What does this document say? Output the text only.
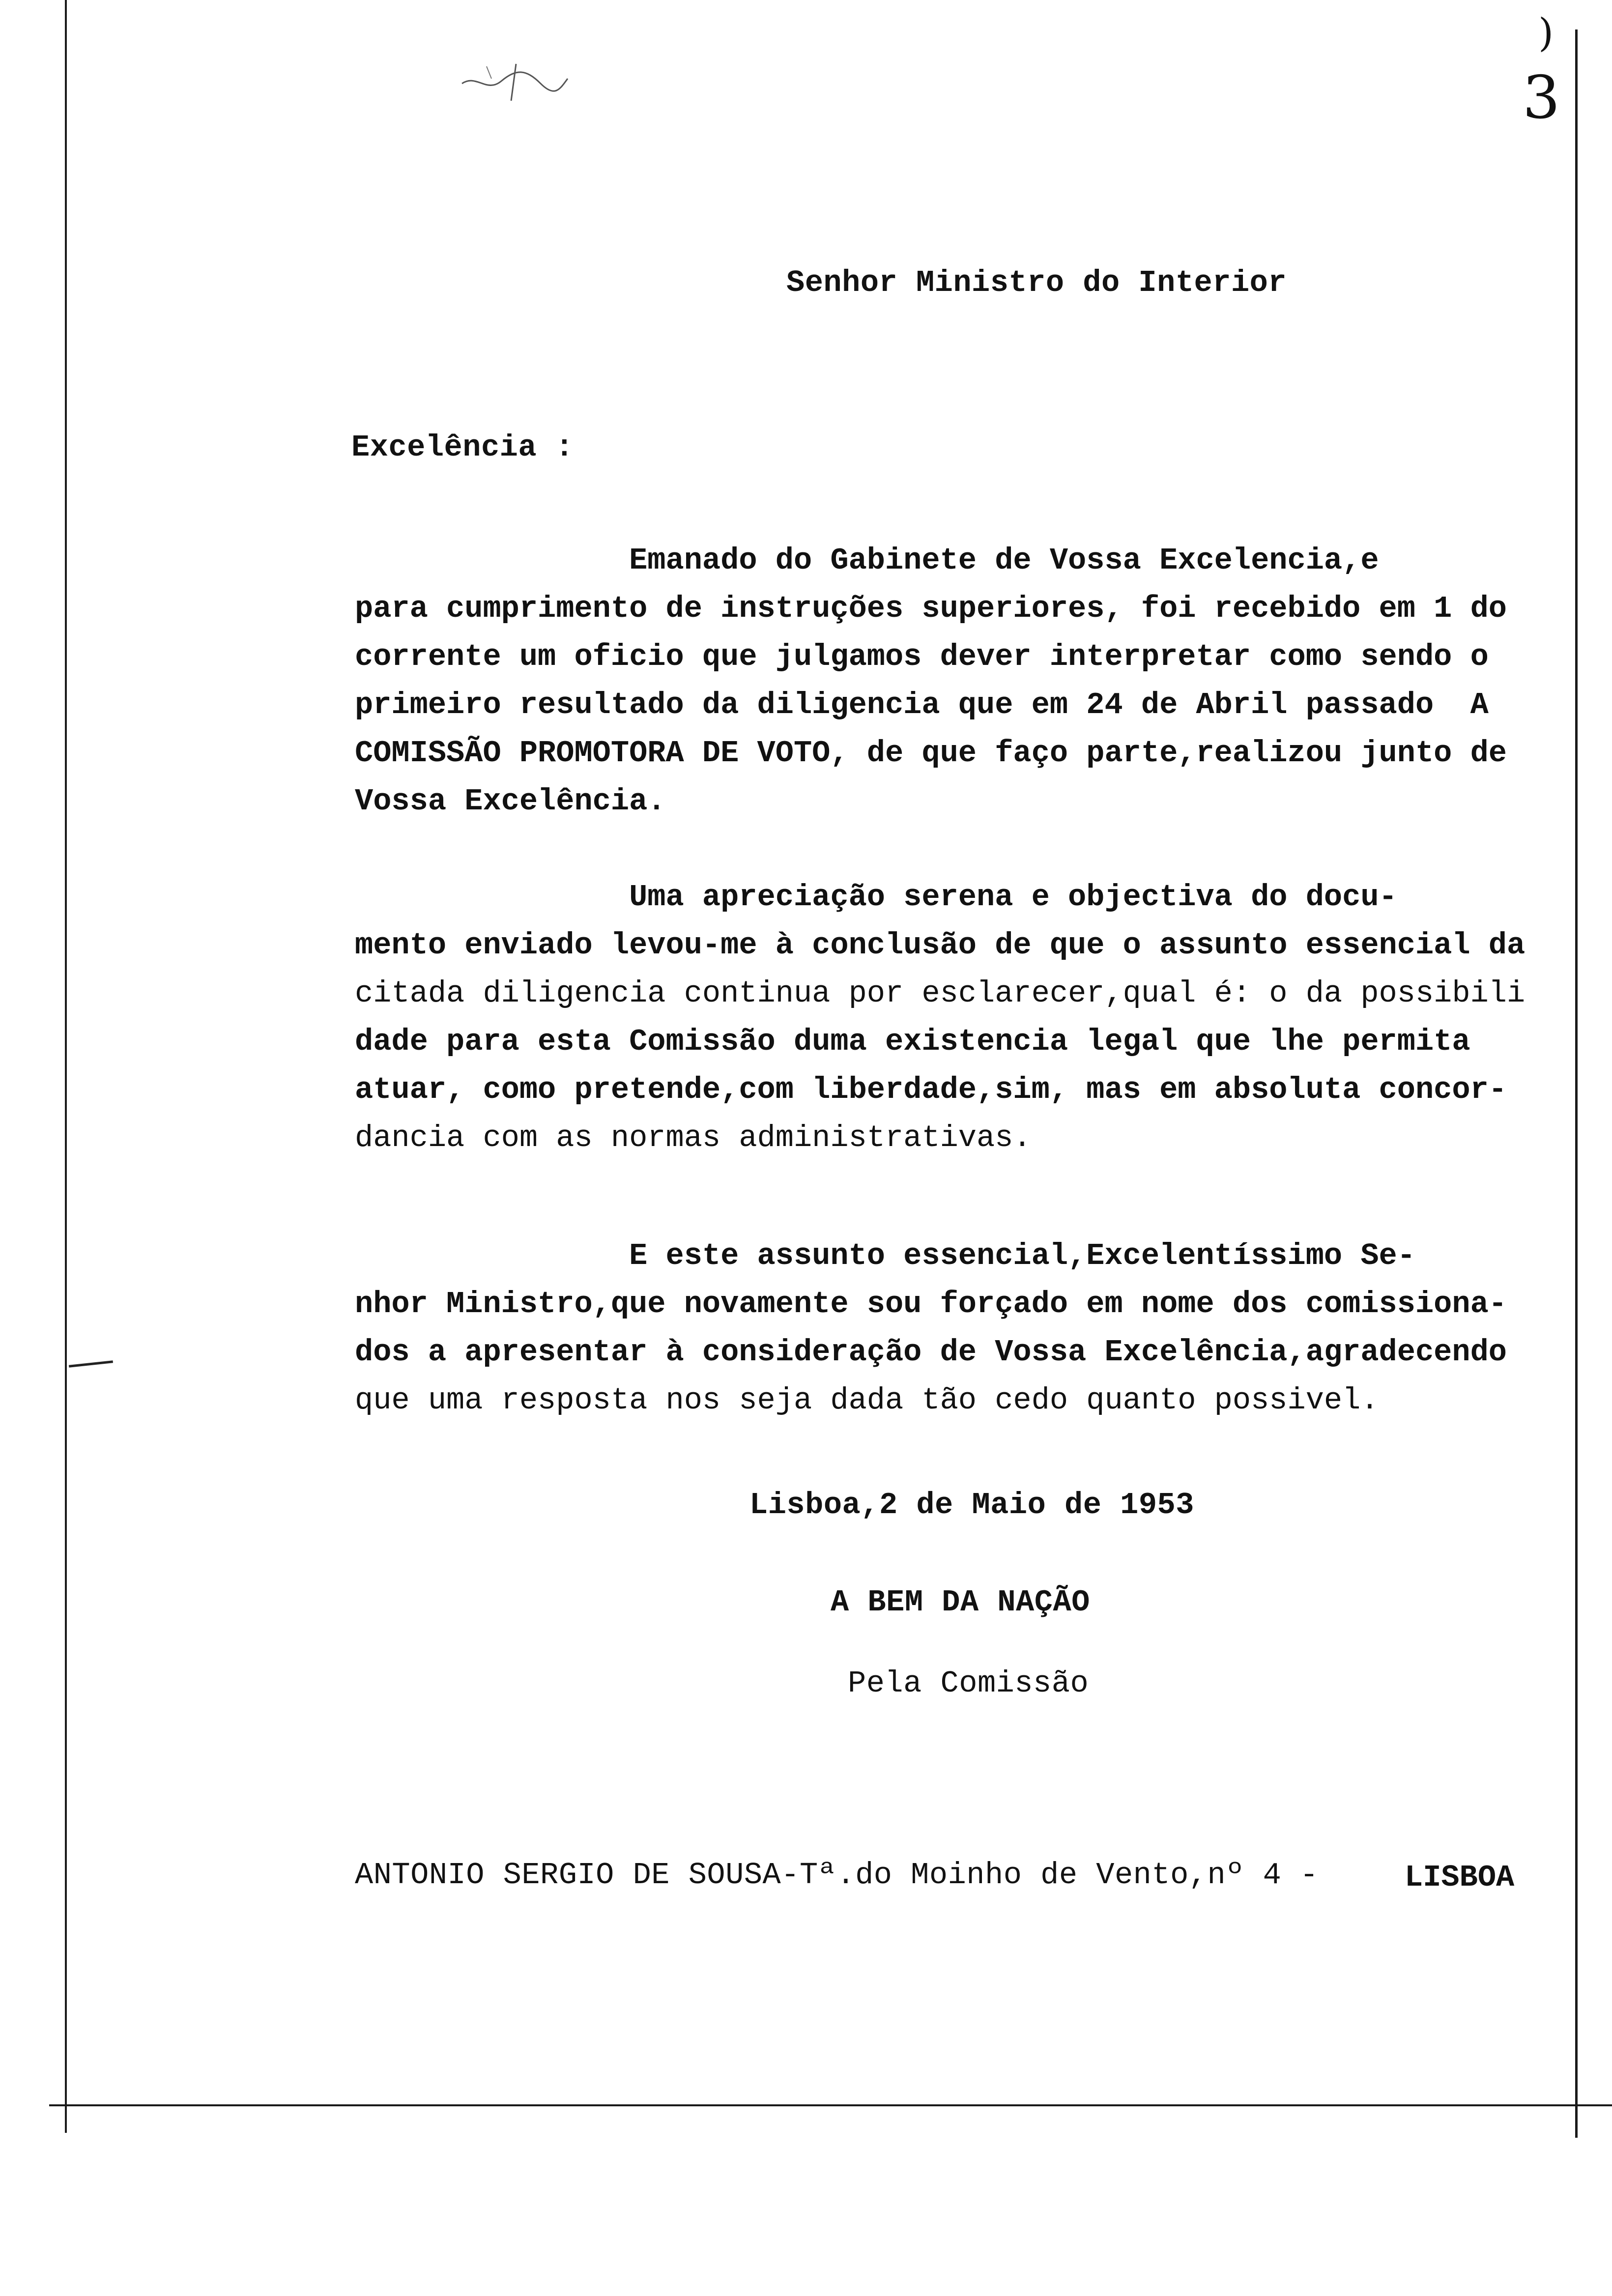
)
3
Senhor Ministro do Interior
Excelência :
Emanado do Gabinete de Vossa Excelencia,e
para cumprimento de instruções superiores, foi recebido em 1 do
corrente um oficio que julgamos dever interpretar como sendo o
primeiro resultado da diligencia que em 24 de Abril passado  A
COMISSÃO PROMOTORA DE VOTO, de que faço parte,realizou junto de
Vossa Excelência.
Uma apreciação serena e objectiva do docu-
mento enviado levou-me à conclusão de que o assunto essencial da
citada diligencia continua por esclarecer,qual é: o da possibili
dade para esta Comissão duma existencia legal que lhe permita
atuar, como pretende,com liberdade,sim, mas em absoluta concor-
dancia com as normas administrativas.
E este assunto essencial,Excelentíssimo Se-
nhor Ministro,que novamente sou forçado em nome dos comissiona-
dos a apresentar à consideração de Vossa Excelência,agradecendo
que uma resposta nos seja dada tão cedo quanto possivel.
Lisboa,2 de Maio de 1953
A BEM DA NAÇÃO
Pela Comissão
ANTONIO SERGIO DE SOUSA-Tª.do Moinho de Vento,nº 4 - LISBOA
